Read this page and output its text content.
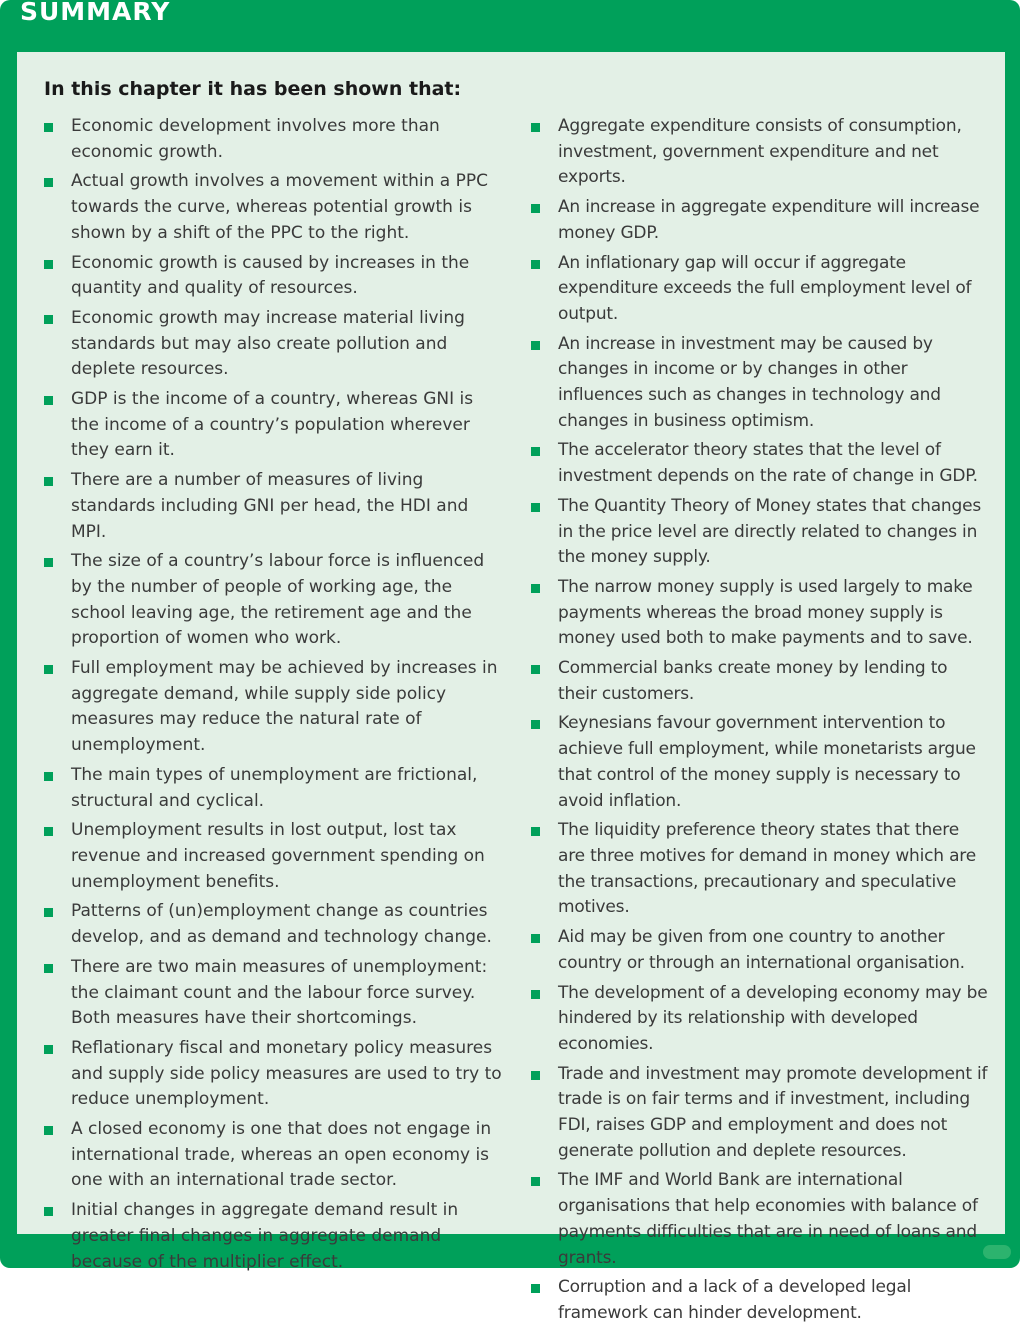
SUMMARY
In this chapter it has been shown that:
Economic development involves more than economic growth.
Actual growth involves a movement within a PPC towards the curve, whereas potential growth is shown by a shift of the PPC to the right.
Economic growth is caused by increases in the quantity and quality of resources.
Economic growth may increase material living standards but may also create pollution and deplete resources.
GDP is the income of a country, whereas GNI is the income of a country’s population wherever they earn it.
There are a number of measures of living standards including GNI per head, the HDI and MPI.
The size of a country’s labour force is influenced by the number of people of working age, the school leaving age, the retirement age and the proportion of women who work.
Full employment may be achieved by increases in aggregate demand, while supply side policy measures may reduce the natural rate of unemployment.
The main types of unemployment are frictional, structural and cyclical.
Unemployment results in lost output, lost tax revenue and increased government spending on unemployment benefits.
Patterns of (un)employment change as countries develop, and as demand and technology change.
There are two main measures of unemployment: the claimant count and the labour force survey. Both measures have their shortcomings.
Reflationary fiscal and monetary policy measures and supply side policy measures are used to try to reduce unemployment.
A closed economy is one that does not engage in international trade, whereas an open economy is one with an international trade sector.
Initial changes in aggregate demand result in greater final changes in aggregate demand because of the multiplier effect.
Aggregate expenditure consists of consumption, investment, government expenditure and net exports.
An increase in aggregate expenditure will increase money GDP.
An inflationary gap will occur if aggregate expenditure exceeds the full employment level of output.
An increase in investment may be caused by changes in income or by changes in other influences such as changes in technology and changes in business optimism.
The accelerator theory states that the level of investment depends on the rate of change in GDP.
The Quantity Theory of Money states that changes in the price level are directly related to changes in the money supply.
The narrow money supply is used largely to make payments whereas the broad money supply is money used both to make payments and to save.
Commercial banks create money by lending to their customers.
Keynesians favour government intervention to achieve full employment, while monetarists argue that control of the money supply is necessary to avoid inflation.
The liquidity preference theory states that there are three motives for demand in money which are the transactions, precautionary and speculative motives.
Aid may be given from one country to another country or through an international organisation.
The development of a developing economy may be hindered by its relationship with developed economies.
Trade and investment may promote development if trade is on fair terms and if investment, including FDI, raises GDP and employment and does not generate pollution and deplete resources.
The IMF and World Bank are international organisations that help economies with balance of payments difficulties that are in need of loans and grants.
Corruption and a lack of a developed legal framework can hinder development.
